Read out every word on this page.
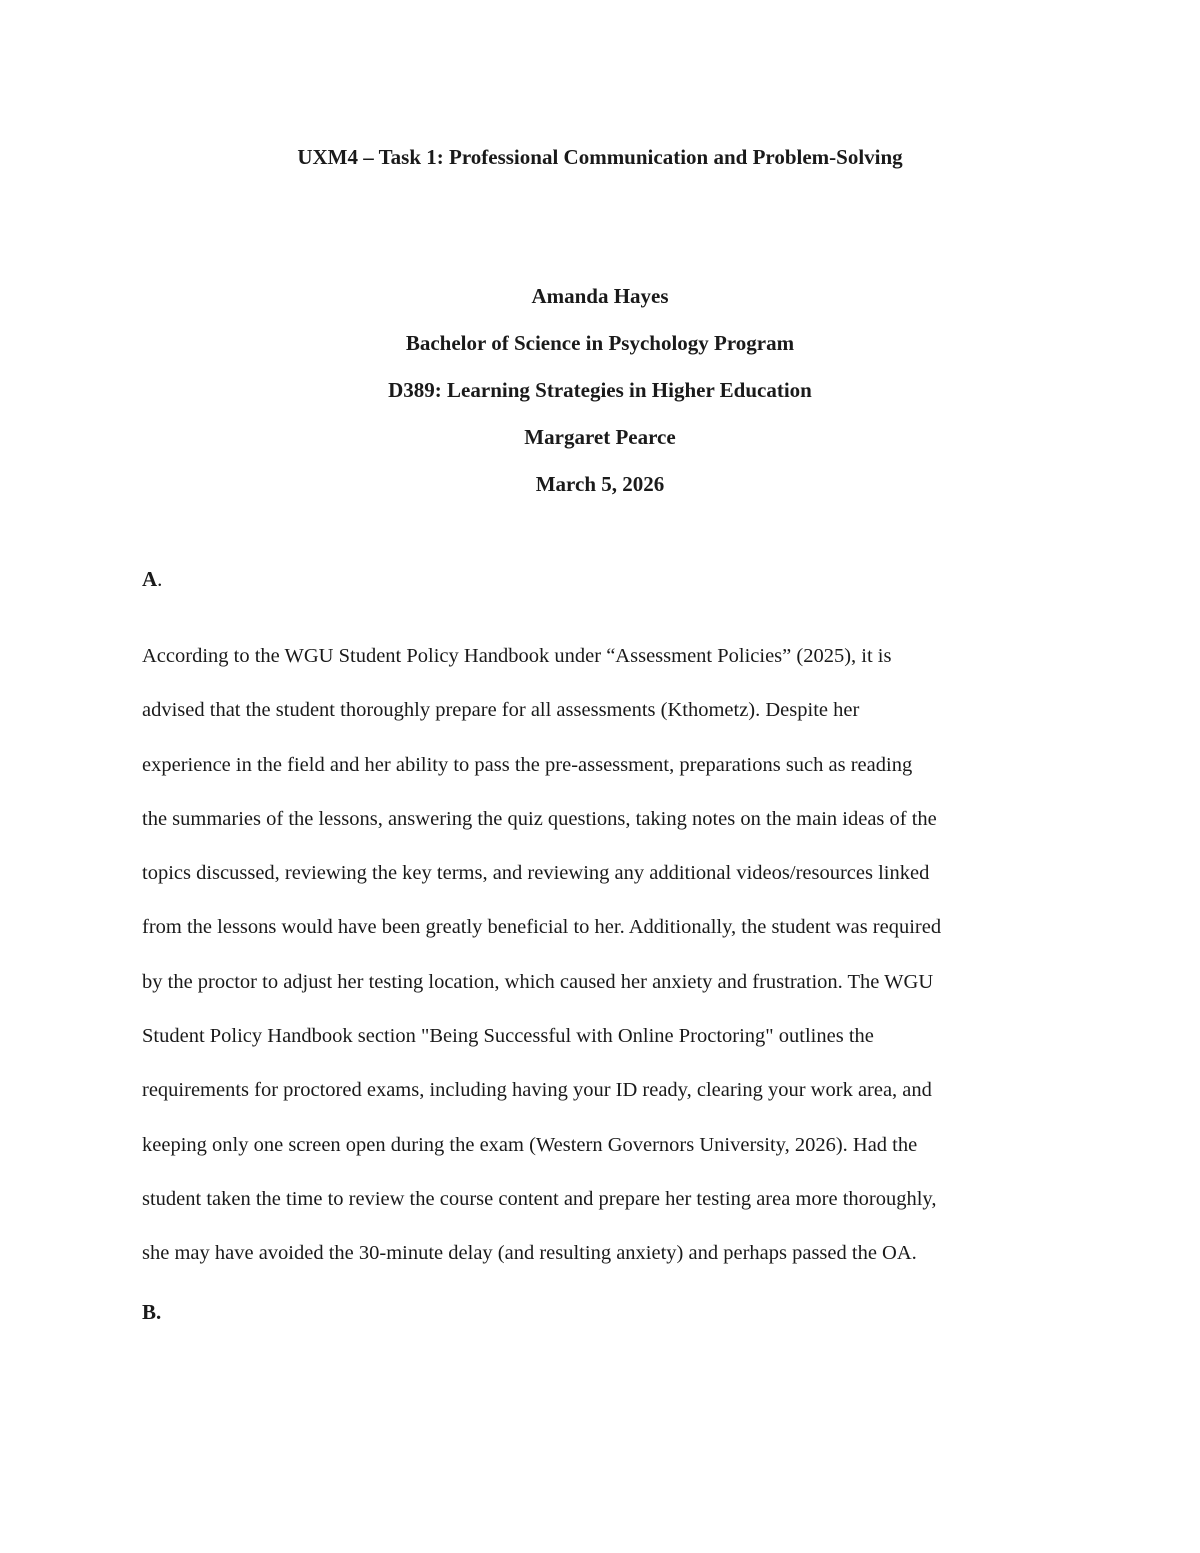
UXM4 – Task 1: Professional Communication and Problem-Solving
Amanda Hayes
Bachelor of Science in Psychology Program
D389: Learning Strategies in Higher Education
Margaret Pearce
March 5, 2026
A.

According to the WGU Student Policy Handbook under “Assessment Policies” (2025), it is
advised that the student thoroughly prepare for all assessments (Kthometz). Despite her
experience in the field and her ability to pass the pre-assessment, preparations such as reading
the summaries of the lessons, answering the quiz questions, taking notes on the main ideas of the
topics discussed, reviewing the key terms, and reviewing any additional videos/resources linked
from the lessons would have been greatly beneficial to her. Additionally, the student was required
by the proctor to adjust her testing location, which caused her anxiety and frustration. The WGU
Student Policy Handbook section "Being Successful with Online Proctoring" outlines the
requirements for proctored exams, including having your ID ready, clearing your work area, and
keeping only one screen open during the exam (Western Governors University, 2026). Had the
student taken the time to review the course content and prepare her testing area more thoroughly,
she may have avoided the 30-minute delay (and resulting anxiety) and perhaps passed the OA.

B.
